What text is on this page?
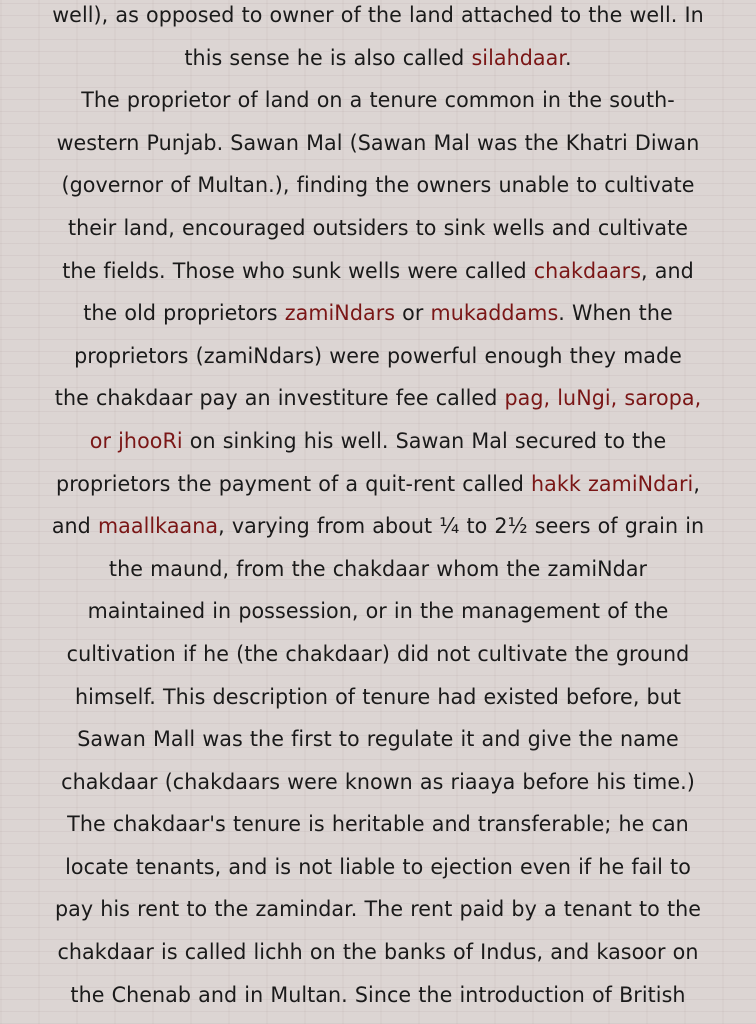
well), as opposed to owner of the land attached to the well. In
this sense he is also called silahdaar.
The proprietor of land on a tenure common in the south-
western Punjab. Sawan Mal (Sawan Mal was the Khatri Diwan
(governor of Multan.), finding the owners unable to cultivate
their land, encouraged outsiders to sink wells and cultivate
the fields. Those who sunk wells were called chakdaars, and
the old proprietors zamiNdars or mukaddams. When the
proprietors (zamiNdars) were powerful enough they made
the chakdaar pay an investiture fee called pag, luNgi, saropa,
or jhooRi on sinking his well. Sawan Mal secured to the
proprietors the payment of a quit-rent called hakk zamiNdari,
and maallkaana, varying from about ¼ to 2½ seers of grain in
the maund, from the chakdaar whom the zamiNdar
maintained in possession, or in the management of the
cultivation if he (the chakdaar) did not cultivate the ground
himself. This description of tenure had existed before, but
Sawan Mall was the first to regulate it and give the name
chakdaar (chakdaars were known as riaaya before his time.)
The chakdaar's tenure is heritable and transferable; he can
locate tenants, and is not liable to ejection even if he fail to
pay his rent to the zamindar. The rent paid by a tenant to the
chakdaar is called lichh on the banks of Indus, and kasoor on
the Chenab and in Multan. Since the introduction of British
